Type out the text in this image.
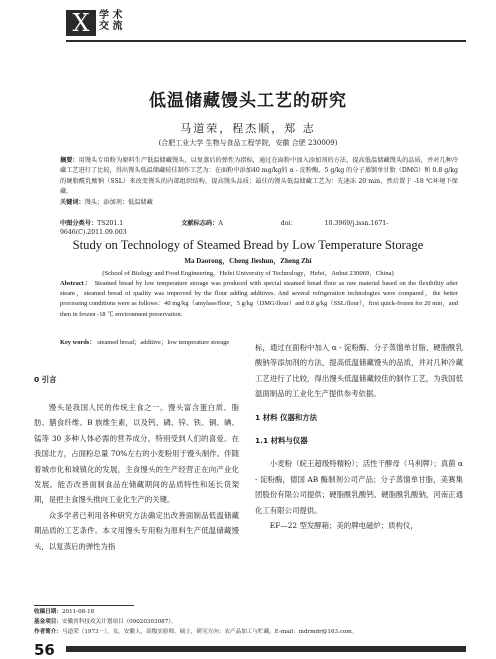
X 学 术
交 流
低温储藏馒头工艺的研究
马道荣，程杰顺，郑 志
(合肥工业大学 生物与食品工程学院，安徽 合肥 230009)
摘要：用馒头专用粉为原料生产低温储藏馒头，以复蒸后的弹性为指标，通过在面粉中加入添加剂的方法，提高低温储藏馒头的品质，并对几种冷藏工艺进行了比较，得出馒头低温储藏较佳制作工艺为：在面粉中添加40 mg/kg的 α - 淀粉酶、5 g/kg 的分子蒸馏单甘脂（DMG）和 0.8 g/kg 的硬脂酰乳酸钠（SSL）来改变馒头的内部组织结构，提高馒头品质；最佳的馒头低温储藏工艺为：先速冻 20 min，然后置于 -18 ℃环境下保藏。
关键词：馒头；添加剂；低温储藏
中图分类号：TS201.1	文献标志码：A	doi：	10.3969/j.issn.1671-9646(C).2011.09.003
Study on Technology of Steamed Bread by Low Temperature Storage
Ma Daorong，Cheng Jieshun，Zheng Zhi
(School of Biology and Food Engineering，Hefei University of Technology，Hefei，Anhui 230069，China)
Abstract： Steamed bread by low temperature storage was produced with special steamed bread flour as raw material based on the flexibility after steam，steamed bread of quality was improved by the flour adding additives. And several refrigeration technologies were compared，the better processing conditions were as follows：40 mg/kg（amylase/flour，5 g/kg（DMG/flour）and 0.8 g/kg（SSL/flour），first quick-frozen for 20 min，and then in frozen -18 ℃ environment preservation.
Key words： steamed bread；additive；low temperature storage
0 引言

馒头是我国人民的传统主食之一。馒头富含蛋白质、脂肪、膳食纤维、B 族维生素，以及钙、磷、锌、铁、铜、碘、锰等 30 多种人体必需的营养成分，特别受到人们的喜爱。在我国北方，占面粉总量 70%左右的小麦粉用于馒头制作。伴随着城市化和城镇化的发展，主食馒头的生产经营正在向产业化发展。能否改善面制食品在储藏期间的品质特性和延长货架期，是把主食馒头推向工业化生产的关键。

众多学者已利用各种研究方法确定出改善面制品低温储藏期品质的工艺条件。本文用馒头专用粉为原料生产低温储藏馒头，以复蒸后的弹性为指

标，通过在面粉中加入 α - 淀粉酶、分子蒸馏单甘脂、硬脂酰乳酸钠等添加剂的方法，提高低温储藏馒头的品质，并对几种冷藏工艺进行了比较，得出馒头低温储藏较佳的制作工艺，为我国低温面制品的工业化生产提供参考依据。

1 材料 仪器和方法
1.1 材料与仪器

小麦粉（皖王超级特精粉）；活性干酵母（马利牌）；真菌 α - 淀粉酶，德国 AB 酶制剂公司产品；分子蒸馏单甘脂，美赛集团股份有限公司提供；硬脂酰乳酸钙、硬脂酰乳酸钠，河南正通化工有限公司提供。

EF—22 型发酵箱；美的牌电磁炉；质构仪，

收稿日期：2011-08-18
基金项目：安徽省科技攻关计划项目（09020303087）。
作者简介：马道荣（1973－），女，安徽人，高级实验师，硕士，研究方向：农产品加工与贮藏。E-mail：mdrmdr@163.com。
56
